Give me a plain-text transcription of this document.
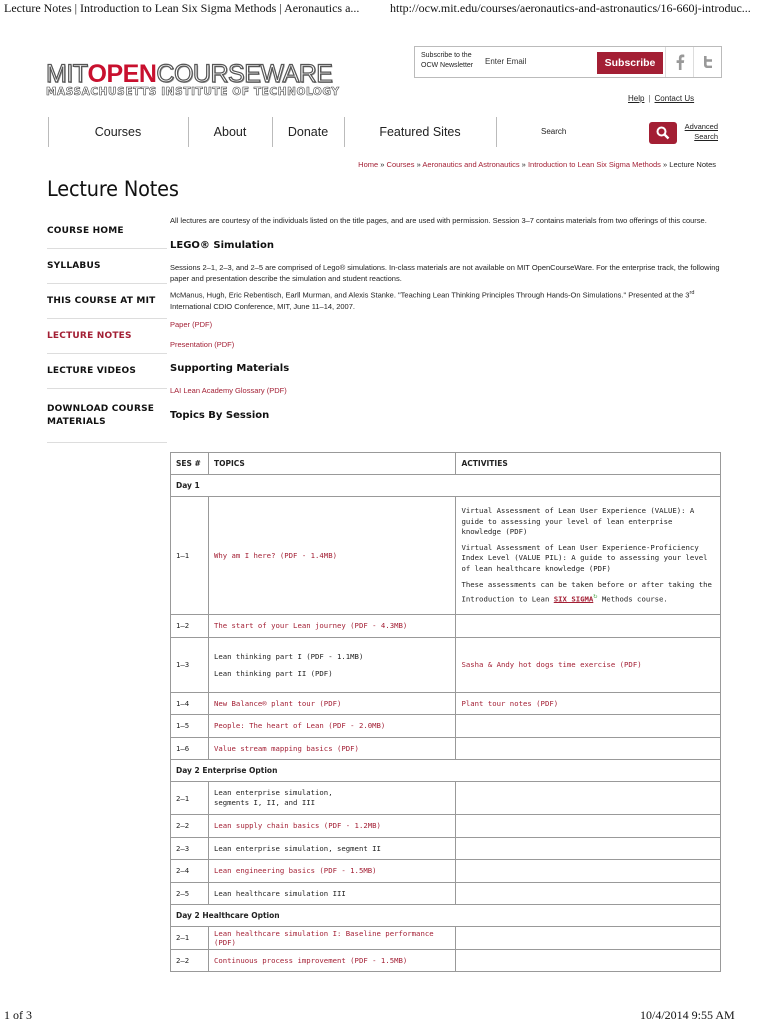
Lecture Notes | Introduction to Lean Six Sigma Methods | Aeronautics a...	http://ocw.mit.edu/courses/aeronautics-and-astronautics/16-660j-introduc...
MITOPENCOURSEWARE
MASSACHUSETTS INSTITUTE OF TECHNOLOGY
Subscribe to the OCW Newsletter
Enter Email	Subscribe
Help | Contact Us
Courses	About	Donate	Featured Sites	Search
Advanced Search
Home » Courses » Aeronautics and Astronautics » Introduction to Lean Six Sigma Methods » Lecture Notes
Lecture Notes
COURSE HOME
SYLLABUS
THIS COURSE AT MIT
LECTURE NOTES
LECTURE VIDEOS
DOWNLOAD COURSE MATERIALS

All lectures are courtesy of the individuals listed on the title pages, and are used with permission. Session 3–7 contains materials from two offerings of this course.

LEGO® Simulation

Sessions 2–1, 2–3, and 2–5 are comprised of Lego® simulations. In-class materials are not available on MIT OpenCourseWare. For the enterprise track, the following paper and presentation describe the simulation and student reactions.

McManus, Hugh, Eric Rebentisch, Earll Murman, and Alexis Stanke. "Teaching Lean Thinking Principles Through Hands-On Simulations." Presented at the 3rd International CDIO Conference, MIT, June 11–14, 2007.

Paper (PDF)
Presentation (PDF)
Supporting Materials
LAI Lean Academy Glossary (PDF)
Topics By Session
SES #	TOPICS	ACTIVITIES
Day 1		
1–1	Why am I here? (PDF - 1.4MB)	Virtual Assessment of Lean User Experience (VALUE): A guide to assessing your level of lean enterprise knowledge (PDF)
Virtual Assessment of Lean User Experience-Proficiency Index Level (VALUE PIL): A guide to assessing your level of lean healthcare knowledge (PDF)
These assessments can be taken before or after taking the Introduction to Lean SIX SIGMA↻ Methods course.

1–2	The start of your Lean journey (PDF - 4.3MB)	
1–3	Lean thinking part I (PDF - 1.1MB)
Lean thinking part II (PDF)	Sasha & Andy hot dogs time exercise (PDF)
1–4	New Balance® plant tour (PDF)	Plant tour notes (PDF)
1–5	People: The heart of Lean (PDF - 2.0MB)	
1–6	Value stream mapping basics (PDF)	
Day 2 Enterprise Option		
2–1	Lean enterprise simulation,
segments I, II, and III	

2–2	Lean supply chain basics (PDF - 1.2MB)	
2–3	Lean enterprise simulation, segment II	
2–4	Lean engineering basics (PDF - 1.5MB)	
2–5	Lean healthcare simulation III	
Day 2 Healthcare Option		
2–1	Lean healthcare simulation I: Baseline performance (PDF)	
2–2	Continuous process improvement (PDF - 1.5MB)	
1 of 3	10/4/2014 9:55 AM
